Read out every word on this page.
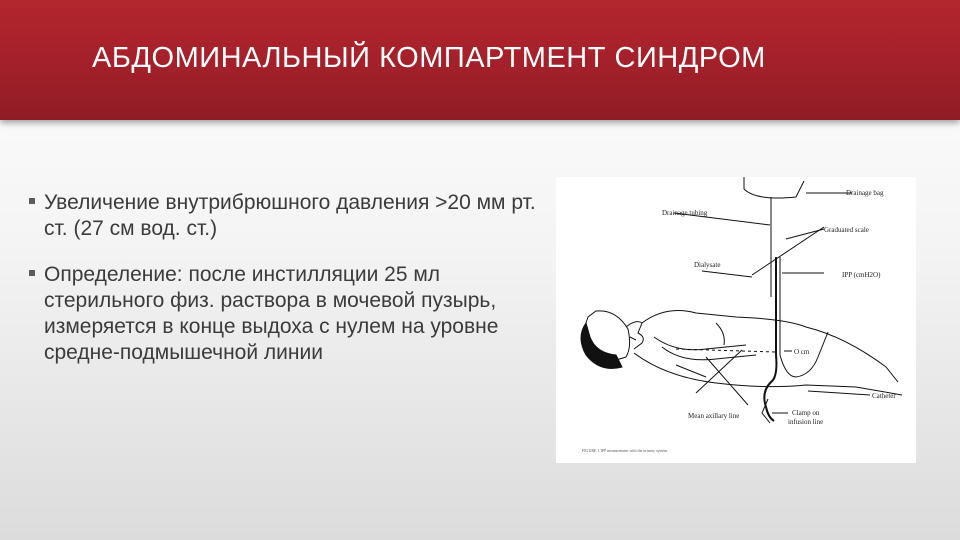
АБДОМИНАЛЬНЫЙ КОМПАРТМЕНТ СИНДРОМ
Увеличение внутрибрюшного давления >20 мм рт. ст. (27 см вод. ст.)
Определение: после инстилляции 25 мл стерильного физ. раствора в мочевой пузырь, измеряется в конце выдоха с нулем на уровне средне-подмышечной линии
Drainage bag
Drainage tubing
Graduated scale
Dialysate
IPP (cmH2O)
O cm
Catheter
Mean axillary line	Clamp on
infusion line
FIGURE 1 IPP measurement with the urinary system.
